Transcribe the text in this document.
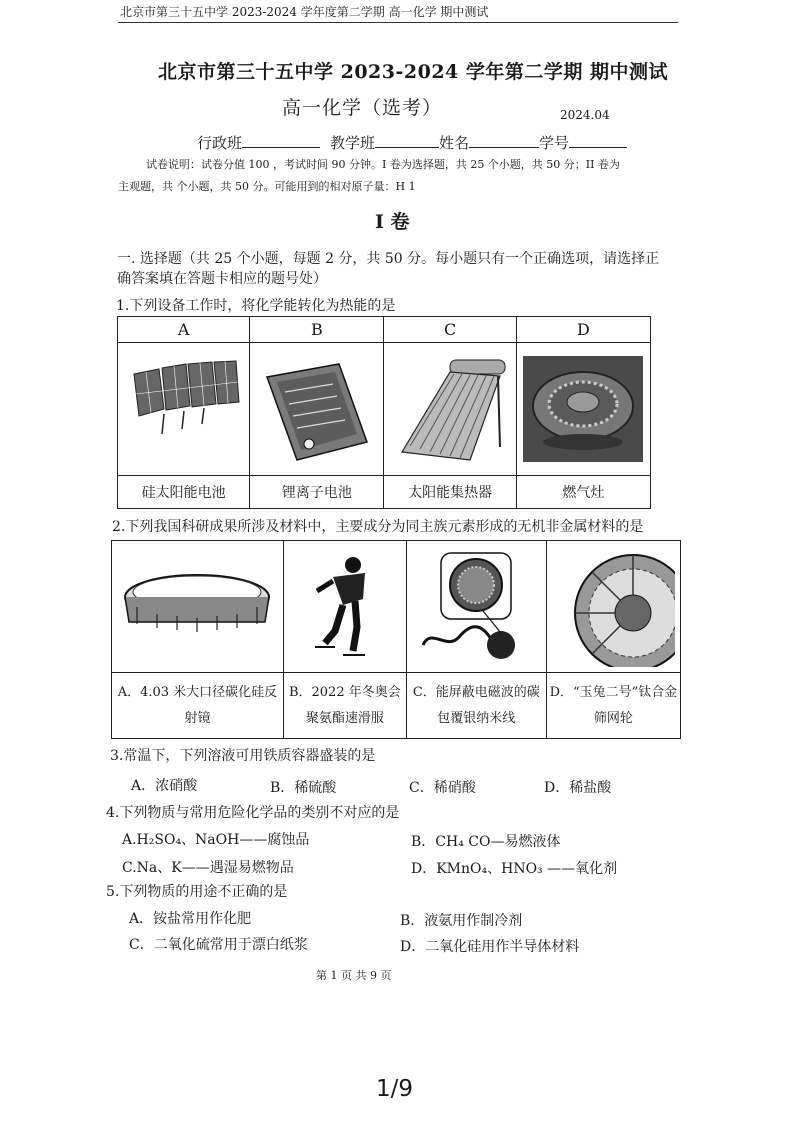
北京市第三十五中学 2023-2024 学年度第二学期 高一化学 期中测试
北京市第三十五中学 2023-2024 学年第二学期 期中测试
高一化学（选考）	2024.04
行政班	教学班	姓名	学号
试卷说明：试卷分值 100 ，考试时间 90 分钟。I 卷为选择题，共 25 个小题，共 50 分；II 卷为
主观题，共 个小题，共 50 分。可能用到的相对原子量：H 1
I 卷
一. 选择题（共 25 个小题，每题 2 分，共 50 分。每小题只有一个正确选项，请选择正
确答案填在答题卡相应的题号处）
1.下列设备工作时，将化学能转化为热能的是
A	B	C	D

硅太阳能电池	锂离子电池	太阳能集热器	燃气灶
2.下列我国科研成果所涉及材料中，主要成分为同主族元素形成的无机非金属材料的是

A．4.03 米大口径碳化硅反射镜	B．2022 年冬奥会聚氨酯速滑服	C．能屏蔽电磁波的碳包覆银纳米线	D．“玉兔二号”钛合金筛网轮
3.常温下，下列溶液可用铁质容器盛装的是
A．浓硝酸	B．稀硫酸	C．稀硝酸	D．稀盐酸
4.下列物质与常用危险化学品的类别不对应的是
A.H₂SO₄、NaOH——腐蚀品	B．CH₄ CO—易燃液体
C.Na、K——遇湿易燃物品	D．KMnO₄、HNO₃ ——氧化剂
5.下列物质的用途不正确的是
A．铵盐常用作化肥	B．液氨用作制冷剂
C．二氧化硫常用于漂白纸浆	D．二氧化硅用作半导体材料
第 1 页 共 9 页
1/9
